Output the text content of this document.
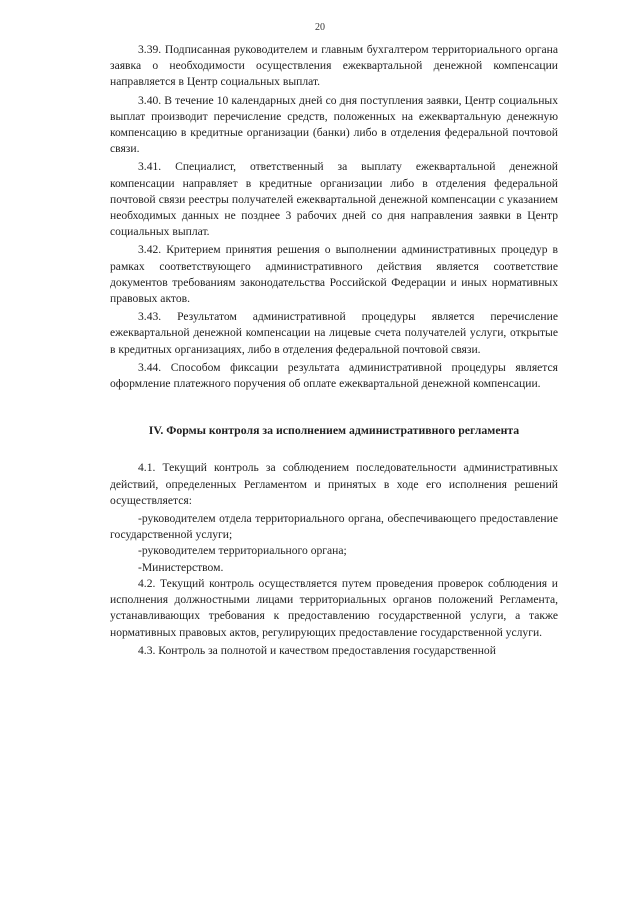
20

3.39. Подписанная руководителем и главным бухгалтером территориального органа заявка о необходимости осуществления ежеквартальной денежной компенсации направляется в Центр социальных выплат.

3.40. В течение 10 календарных дней со дня поступления заявки, Центр социальных выплат производит перечисление средств, положенных на ежеквартальную денежную компенсацию в кредитные организации (банки) либо в отделения федеральной почтовой связи.

3.41. Специалист, ответственный за выплату ежеквартальной денежной компенсации направляет в кредитные организации либо в отделения федеральной почтовой связи реестры получателей ежеквартальной денежной компенсации с указанием необходимых данных не позднее 3 рабочих дней со дня направления заявки в Центр социальных выплат.

3.42. Критерием принятия решения о выполнении административных процедур в рамках соответствующего административного действия является соответствие документов требованиям законодательства Российской Федерации и иных нормативных правовых актов.

3.43. Результатом административной процедуры является перечисление ежеквартальной денежной компенсации на лицевые счета получателей услуги, открытые в кредитных организациях, либо в отделения федеральной почтовой связи.

3.44. Способом фиксации результата административной процедуры является оформление платежного поручения об оплате ежеквартальной денежной компенсации.

IV. Формы контроля за исполнением административного регламента

4.1. Текущий контроль за соблюдением последовательности административных действий, определенных Регламентом и принятых в ходе его исполнения решений осуществляется:

-руководителем отдела территориального органа, обеспечивающего предоставление государственной услуги;

-руководителем территориального органа;

-Министерством.

4.2. Текущий контроль осуществляется путем проведения проверок соблюдения и исполнения должностными лицами территориальных органов положений Регламента, устанавливающих требования к предоставлению государственной услуги, а также нормативных правовых актов, регулирующих предоставление государственной услуги.

4.3. Контроль за полнотой и качеством предоставления государственной
